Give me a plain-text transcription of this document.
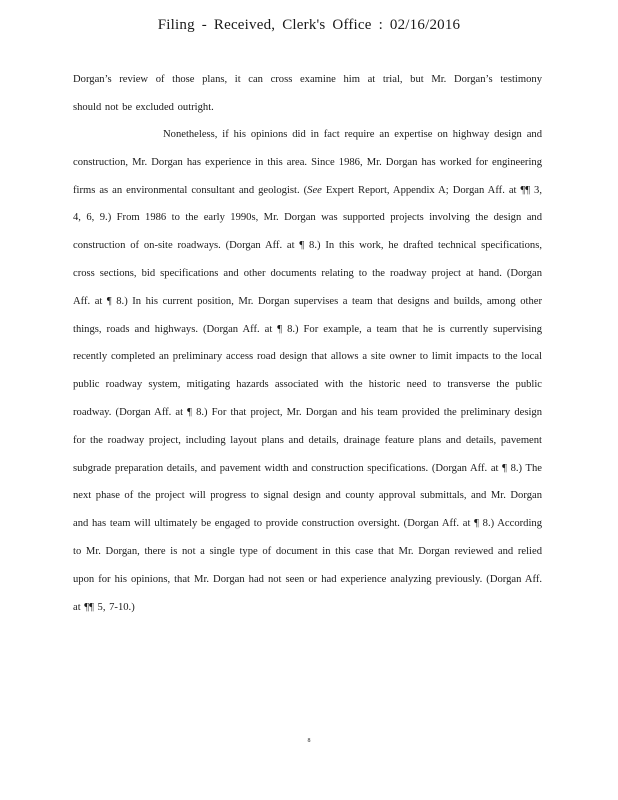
Filing - Received, Clerk's Office : 02/16/2016
Dorgan’s review of those plans, it can cross examine him at trial, but Mr. Dorgan’s testimony
should not be excluded outright.
Nonetheless, if his opinions did in fact require an expertise on highway design and construction, Mr. Dorgan has experience in this area. Since 1986, Mr. Dorgan has worked for engineering firms as an environmental consultant and geologist. (See Expert Report, Appendix A; Dorgan Aff. at ¶¶ 3, 4, 6, 9.) From 1986 to the early 1990s, Mr. Dorgan was supported projects involving the design and construction of on-site roadways. (Dorgan Aff. at ¶ 8.) In this work, he drafted technical specifications, cross sections, bid specifications and other documents relating to the roadway project at hand. (Dorgan Aff. at ¶ 8.) In his current position, Mr. Dorgan supervises a team that designs and builds, among other things, roads and highways. (Dorgan Aff. at ¶ 8.) For example, a team that he is currently supervising recently completed an preliminary access road design that allows a site owner to limit impacts to the local public roadway system, mitigating hazards associated with the historic need to transverse the public roadway. (Dorgan Aff. at ¶ 8.) For that project, Mr. Dorgan and his team provided the preliminary design for the roadway project, including layout plans and details, drainage feature plans and details, pavement subgrade preparation details, and pavement width and construction specifications. (Dorgan Aff. at ¶ 8.) The next phase of the project will progress to signal design and county approval submittals, and Mr. Dorgan and has team will ultimately be engaged to provide construction oversight. (Dorgan Aff. at ¶ 8.) According to Mr. Dorgan, there is not a single type of document in this case that Mr. Dorgan reviewed and relied upon for his opinions, that Mr. Dorgan had not seen or had experience analyzing previously. (Dorgan Aff. at ¶¶ 5, 7-10.)
8
